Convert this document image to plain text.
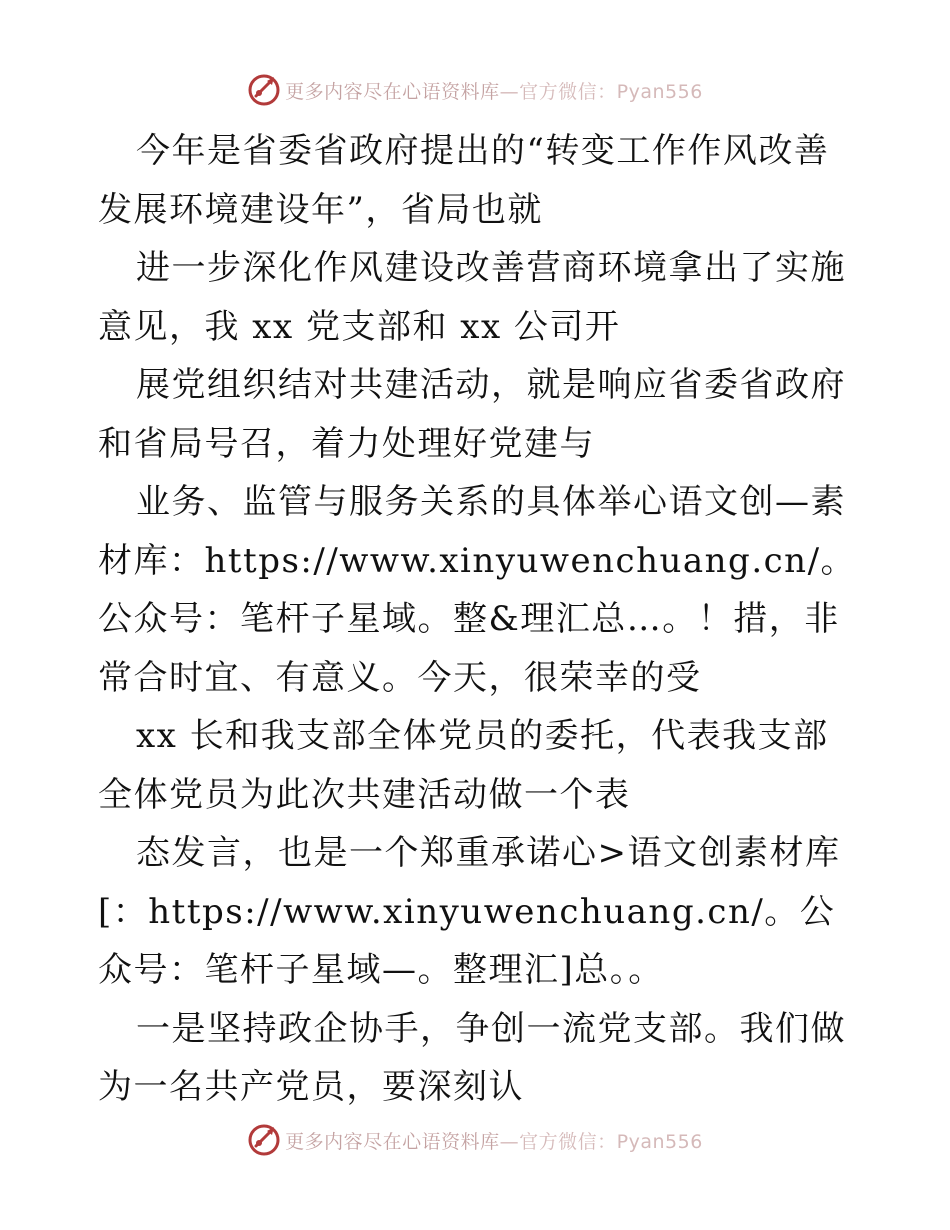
更多内容尽在心语资料库—官方微信：Pyan556

今年是省委省政府提出的“转变工作作风改善发展环境建设年”，省局也就

进一步深化作风建设改善营商环境拿出了实施意见，我 xx 党支部和 xx 公司开

展党组织结对共建活动，就是响应省委省政府和省局号召，着力处理好党建与

业务、监管与服务关系的具体举心语文创—素材库：https://www.xinyuwenchuang.cn/。公众号：笔杆子星域。整&理汇总…。！措，非常合时宜、有意义。今天，很荣幸的受

xx 长和我支部全体党员的委托，代表我支部全体党员为此次共建活动做一个表

态发言，也是一个郑重承诺心>语文创素材库[：https://www.xinyuwenchuang.cn/。公众号：笔杆子星域—。整理汇]总。。

一是坚持政企协手，争创一流党支部。我们做为一名共产党员，要深刻认

更多内容尽在心语资料库—官方微信：Pyan556
